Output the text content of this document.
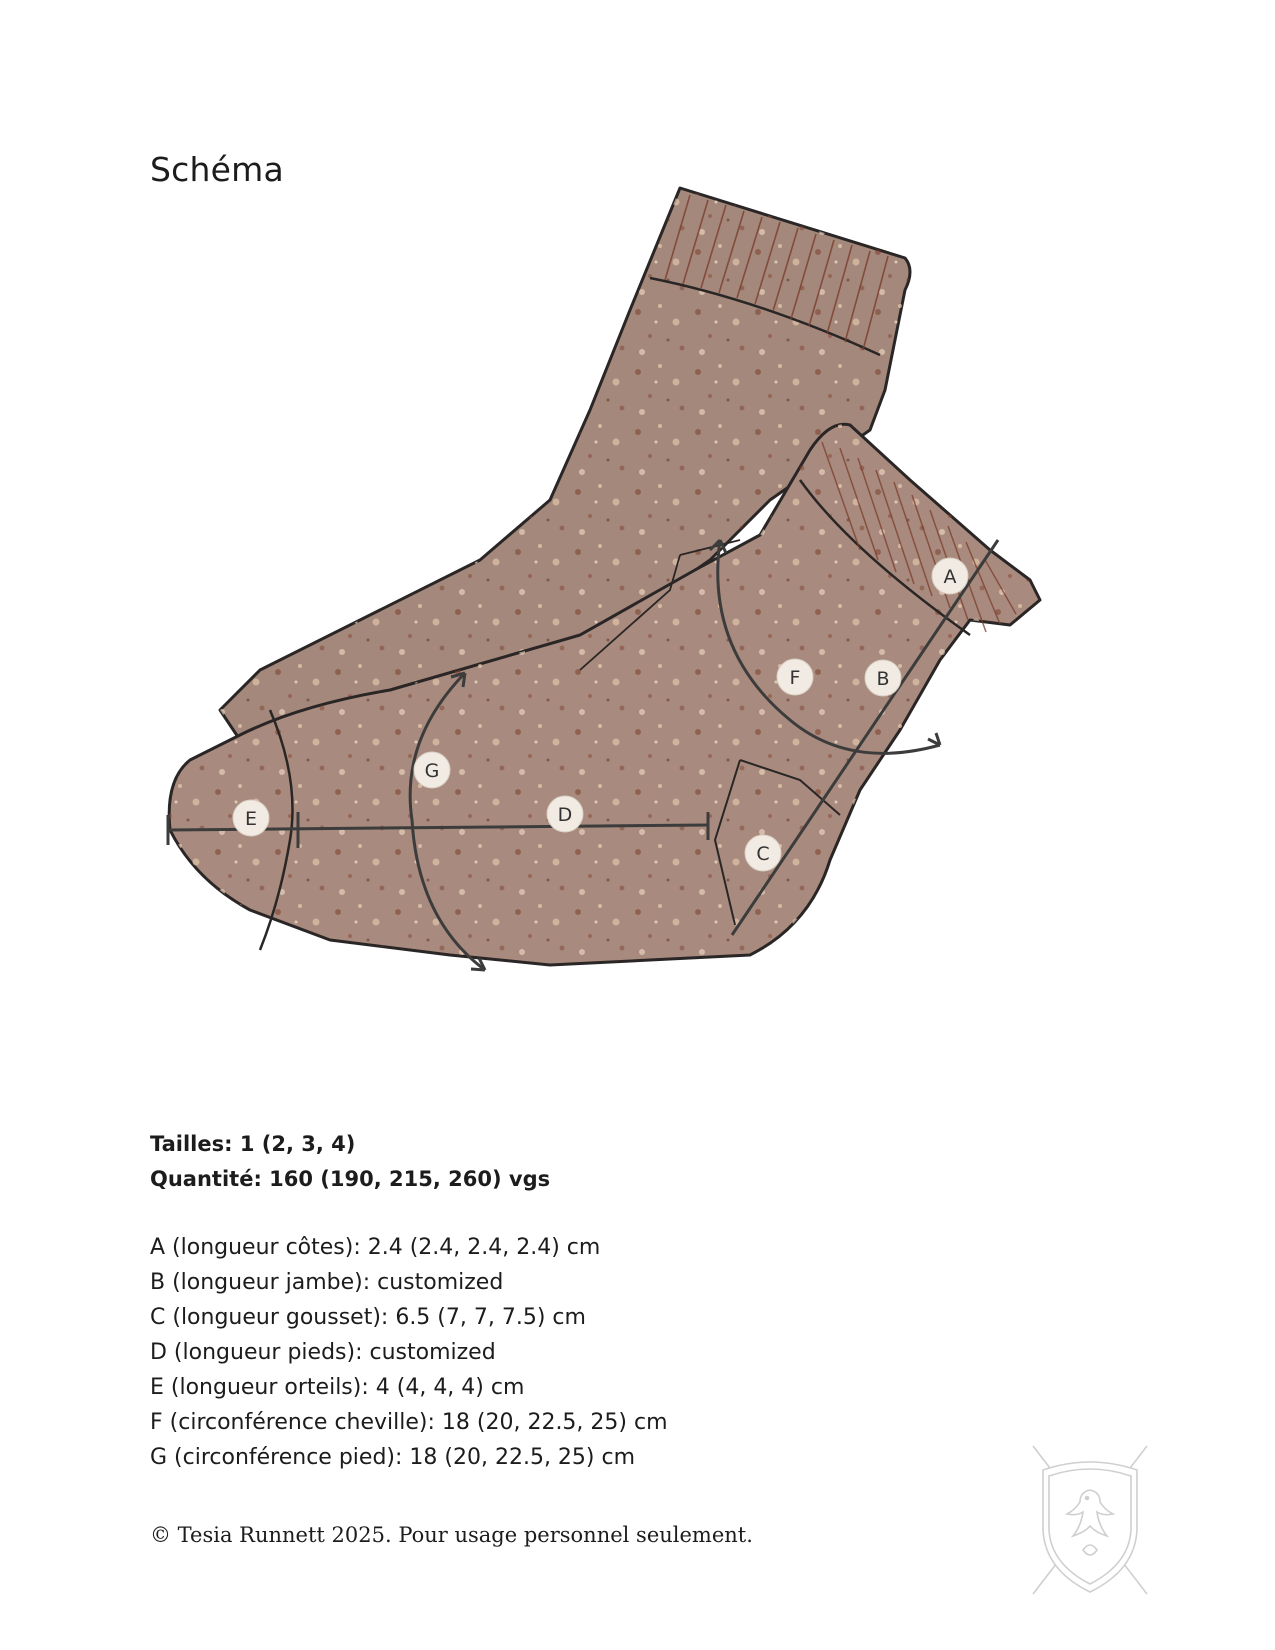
Schéma
A
B
C
D
E
F
G
Tailles: 1 (2, 3, 4)
Quantité: 160 (190, 215, 260) vgs
A (longueur côtes): 2.4 (2.4, 2.4, 2.4) cm
B (longueur jambe): customized
C (longueur gousset): 6.5 (7, 7, 7.5) cm
D (longueur pieds): customized
E (longueur orteils): 4 (4, 4, 4) cm
F (circonférence cheville): 18 (20, 22.5, 25) cm
G (circonférence pied): 18 (20, 22.5, 25) cm
© Tesia Runnett 2025. Pour usage personnel seulement.
